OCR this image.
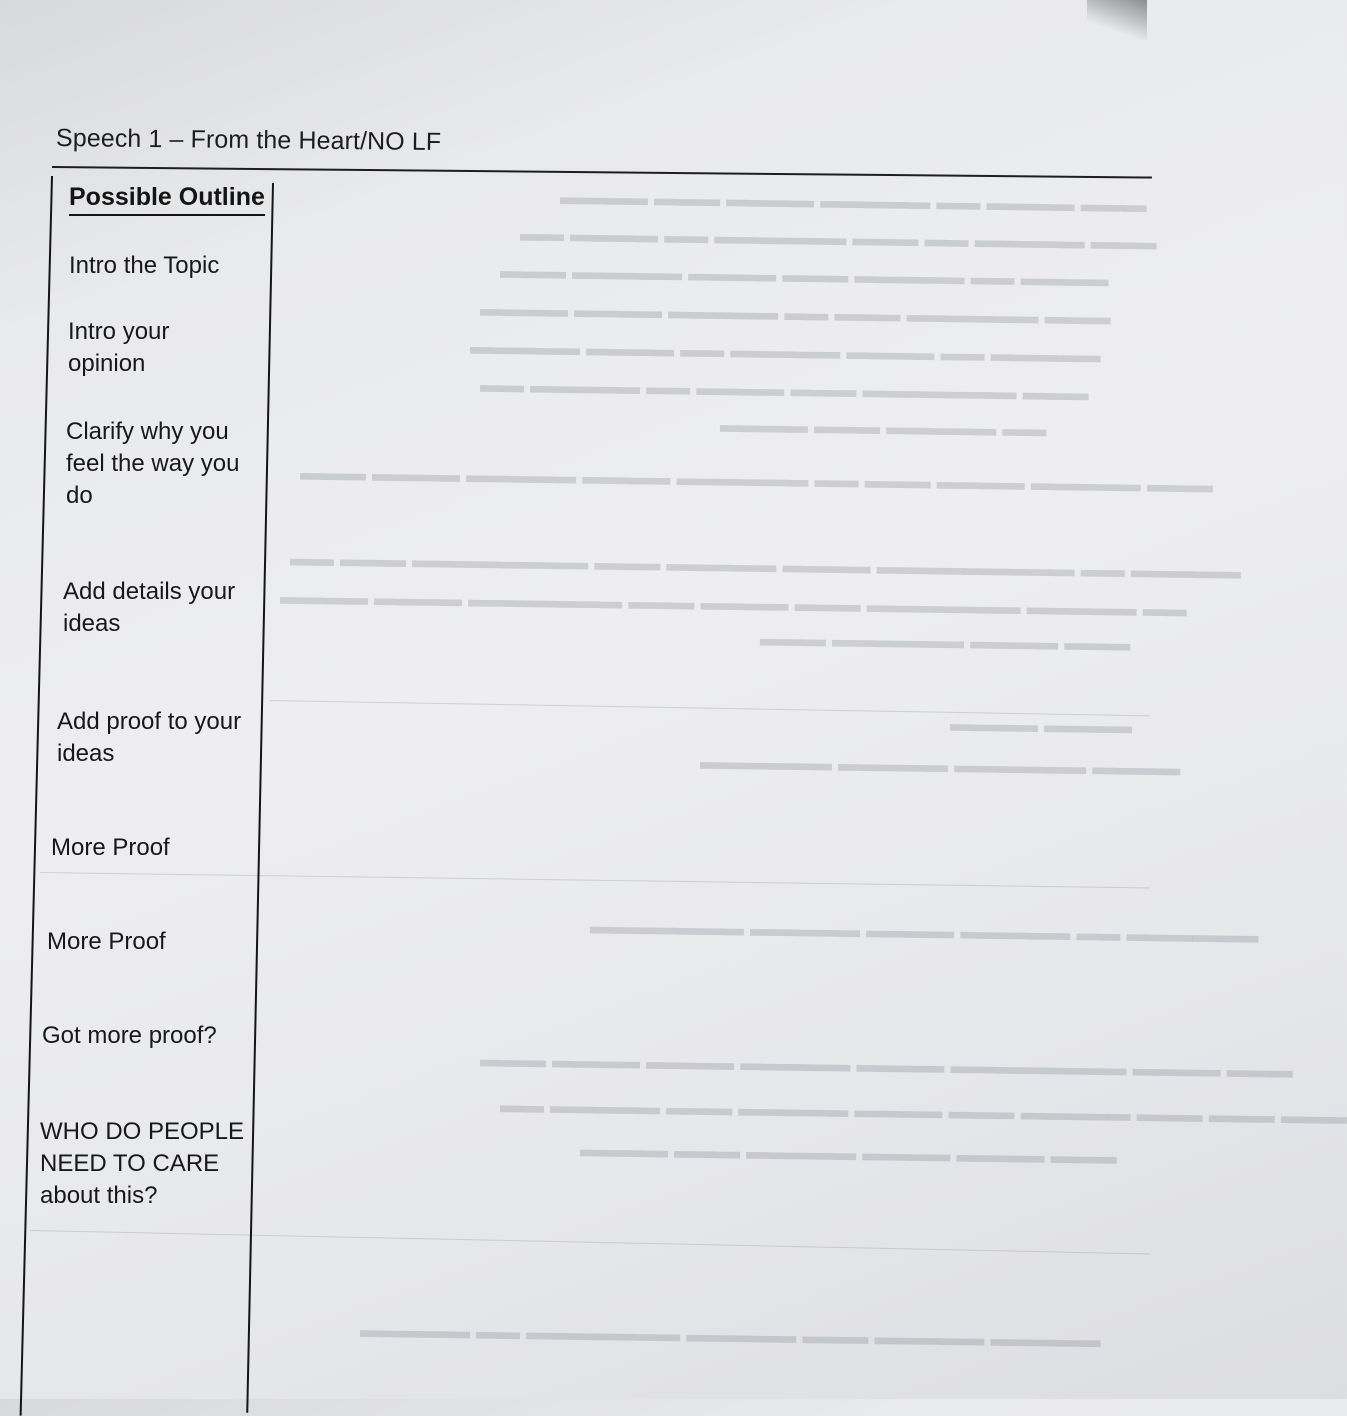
▬▬▬ ▬▬▬▬ ▬▬ ▬▬▬▬▬ ▬▬▬▬ ▬▬▬ ▬▬▬▬
▬▬▬ ▬▬▬▬▬ ▬▬ ▬▬▬ ▬▬▬▬▬▬ ▬▬ ▬▬▬▬ ▬▬
▬▬▬▬ ▬▬ ▬▬▬▬▬ ▬▬▬ ▬▬▬▬ ▬▬▬▬▬ ▬▬▬
▬▬▬ ▬▬▬▬▬▬ ▬▬▬ ▬▬ ▬▬▬▬▬ ▬▬▬▬ ▬▬▬▬
▬▬▬▬▬ ▬▬ ▬▬▬▬ ▬▬▬▬▬ ▬▬ ▬▬▬▬ ▬▬▬▬▬
▬▬▬ ▬▬▬▬▬▬▬ ▬▬▬ ▬▬▬▬ ▬▬ ▬▬▬▬▬ ▬▬
▬▬ ▬▬▬▬▬ ▬▬▬ ▬▬▬▬
▬▬▬ ▬▬▬▬▬ ▬▬▬▬ ▬▬▬ ▬▬ ▬▬▬▬▬▬ ▬▬▬▬ ▬▬▬▬▬ ▬▬▬▬ ▬▬▬
▬▬▬▬▬ ▬▬ ▬▬▬▬▬▬▬▬▬ ▬▬▬▬ ▬▬▬▬▬ ▬▬▬ ▬▬▬▬▬▬▬▬ ▬▬▬ ▬▬
▬▬ ▬▬▬▬▬ ▬▬▬▬▬▬▬ ▬▬▬ ▬▬▬▬ ▬▬▬ ▬▬▬▬▬▬▬ ▬▬▬▬ ▬▬▬▬
▬▬▬ ▬▬▬▬ ▬▬▬▬▬▬ ▬▬▬
▬▬▬▬ ▬▬▬▬
▬▬▬▬ ▬▬▬▬▬▬ ▬▬▬▬▬ ▬▬▬▬▬▬
▬▬▬▬▬▬ ▬▬ ▬▬▬▬▬ ▬▬▬▬ ▬▬▬▬▬ ▬▬▬▬▬▬▬
▬▬▬ ▬▬▬▬ ▬▬▬▬▬▬▬▬ ▬▬▬▬ ▬▬▬▬▬ ▬▬▬▬ ▬▬▬▬ ▬▬▬
▬▬▬ ▬▬▬ ▬▬▬ ▬▬▬▬▬ ▬▬▬ ▬▬▬▬ ▬▬▬▬▬ ▬▬▬ ▬▬▬▬▬ ▬▬
▬▬▬ ▬▬▬▬ ▬▬▬▬ ▬▬▬▬▬ ▬▬▬ ▬▬▬▬
▬▬▬▬▬ ▬▬▬▬▬ ▬▬▬ ▬▬▬▬▬ ▬▬▬▬▬▬▬ ▬▬ ▬▬▬▬▬
Speech 1 – From the Heart/NO LF
Possible Outline
Intro the Topic
Intro your
opinion
Clarify why you
feel the way you
do
Add details your
ideas
Add proof to your
ideas
More Proof
More Proof
Got more proof?
WHO DO PEOPLE
NEED TO CARE
about this?
